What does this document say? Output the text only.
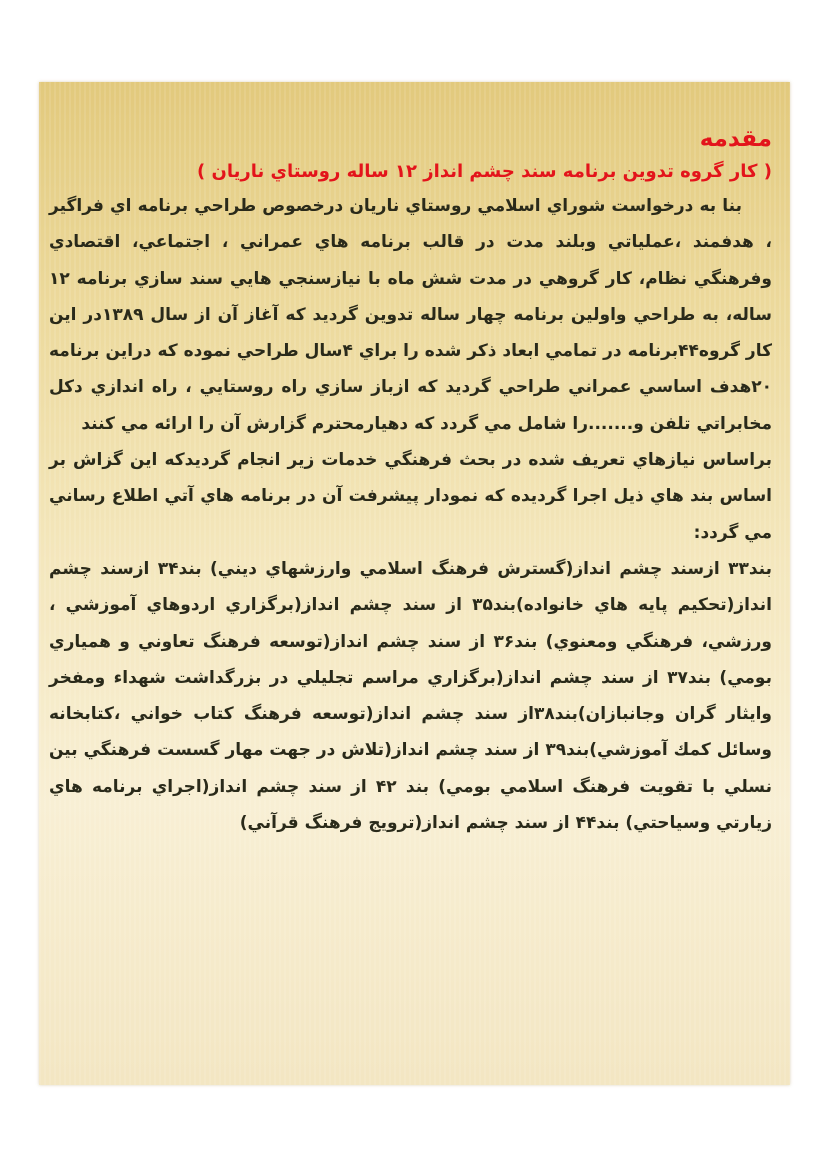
مقدمه
( كار گروه تدوين برنامه سند چشم انداز ۱۲ ساله روستاي ناريان )

بنا به درخواست شوراي اسلامي روستاي ناريان درخصوص طراحي برنامه اي فراگير ، هدفمند ،عملياتي وبلند مدت در قالب برنامه هاي عمراني ، اجتماعي، اقتصادي وفرهنگي نظام، كار گروهي در مدت شش ماه با نيازسنجي هايي سند سازي برنامه ۱۲ ساله، به طراحي واولين برنامه چهار ساله تدوين گرديد كه آغاز آن از سال ۱۳۸۹در اين كار گروه۴۴برنامه در تمامي ابعاد ذكر شده را براي ۴سال طراحي نموده كه دراين برنامه ۲۰هدف اساسي عمراني طراحي گرديد كه ازباز سازي راه روستايي ، راه اندازي دكل مخابراتي تلفن و.......را شامل مي گردد كه دهيارمحترم گزارش آن را ارائه مي كنند

براساس نيازهاي تعريف شده در بحث فرهنگي خدمات زير انجام گرديدكه اين گزاش بر اساس بند هاي ذيل اجرا گرديده كه نمودار پيشرفت آن در برنامه هاي آتي اطلاع رساني مي گردد:

بند۳۳ ازسند چشم انداز(گسترش فرهنگ اسلامي وارزشهاي ديني) بند۳۴ ازسند چشم انداز(تحكيم پايه هاي خانواده)بند۳۵ از سند چشم انداز(برگزاري اردوهاي آموزشي ، ورزشي، فرهنگي ومعنوي) بند۳۶ از سند چشم انداز(توسعه فرهنگ تعاوني و همياري بومي) بند۳۷ از سند چشم انداز(برگزاري مراسم تجليلي در بزرگداشت شهداء ومفخر وايثار گران وجانبازان)بند۳۸از سند چشم انداز(توسعه فرهنگ كتاب خواني ،كتابخانه وسائل كمك آموزشي)بند۳۹ از سند چشم انداز(تلاش در جهت مهار گسست فرهنگي بين نسلي با تقويت فرهنگ اسلامي بومي) بند ۴۲ از سند چشم انداز(اجراي برنامه هاي زيارتي وسياحتي) بند۴۴ از سند چشم انداز(ترويج فرهنگ قرآني)
